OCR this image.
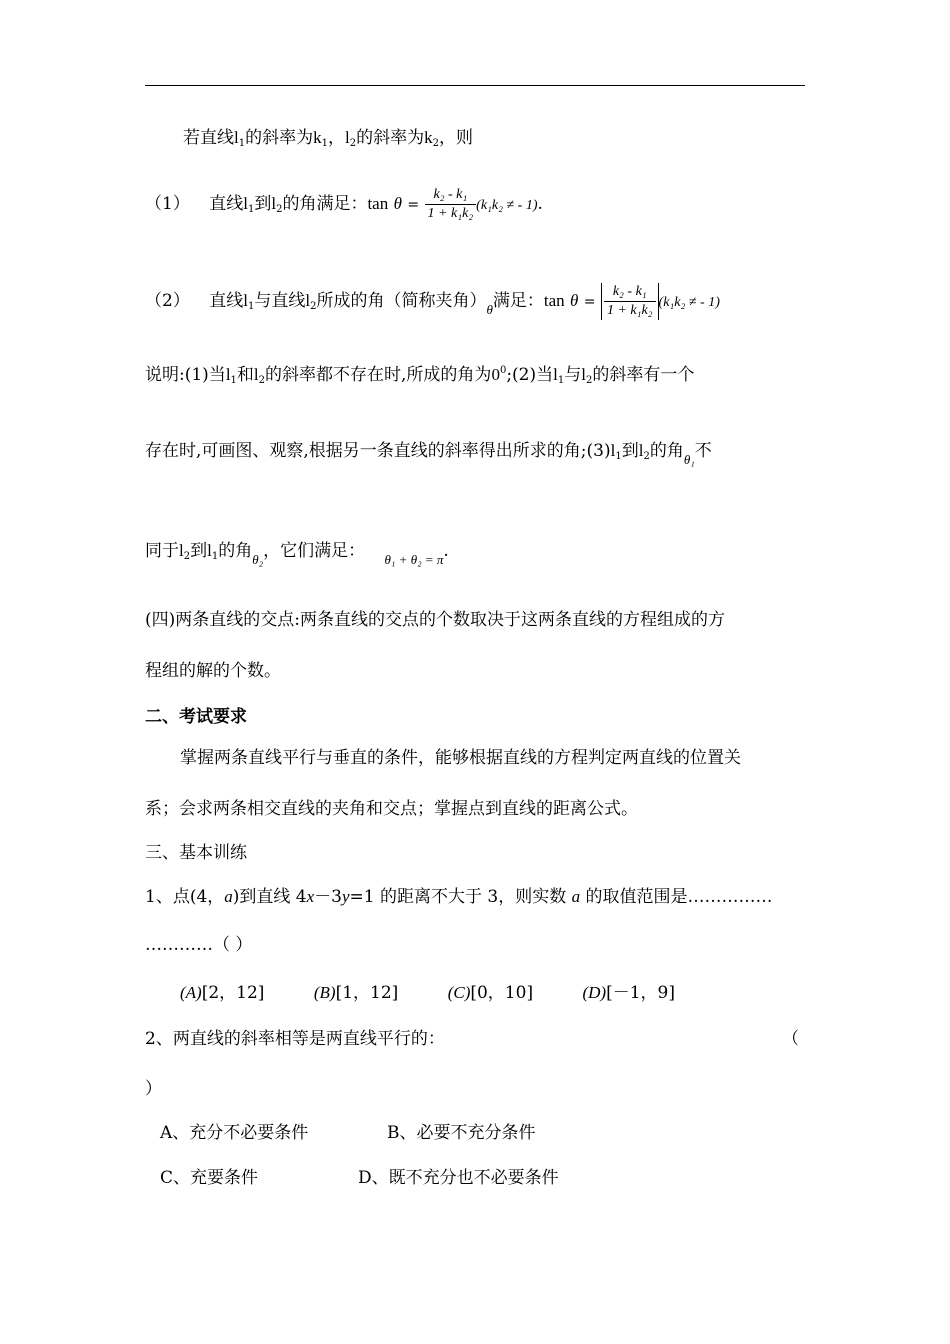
若直线$l_1$的斜率为$k_1$，$l_2$的斜率为$k_2$，则
（1） 直线$l_1$到$l_2$的角满足：$\tan \theta = \frac{\text{k₂ - k₁}}{\text{1 + k₁k₂}} (k_1k_2$ ≠ - 1).
（2） 直线$l_1$与直线$l_2$所成的角（简称夹角）$_\theta$满足：$\tan \theta = \frac{\text{k₂ - k₁}}{\text{1 + k₁k₂}} (k_1k_2$ ≠ - 1)
说明:(1)当$l_1$和$l_2$的斜率都不存在时,所成的角为$0^0;(2)$当$l_1$与$l_2$的斜率有一个
存在时,可画图、观察,根据另一条直线的斜率得出所求的角$;(3)l_1$到$l_2$的角$_{\theta_1}$不
同于$l_2$到$l_1$的角$_{\theta_2}$，它们满足： $_{\theta_1 + \theta_2 = \pi}$.
(四)两条直线的交点:两条直线的交点的个数取决于这两条直线的方程组成的方
程组的解的个数。
二、考试要求
掌握两条直线平行与垂直的条件，能够根据直线的方程判定两直线的位置关
系；会求两条相交直线的夹角和交点；掌握点到直线的距离公式。
三、基本训练
1、点(4，a)到直线 4x－3y=1 的距离不大于 3，则实数 a 的取值范围是……………
…………（ ）
(A)[2，12]	(B)[1，12]	(C)[0，10]	(D)[－1，9]
2、两直线的斜率相等是两直线平行的：	（
）
A、充分不必要条件	B、必要不充分条件
C、充要条件	D、既不充分也不必要条件
